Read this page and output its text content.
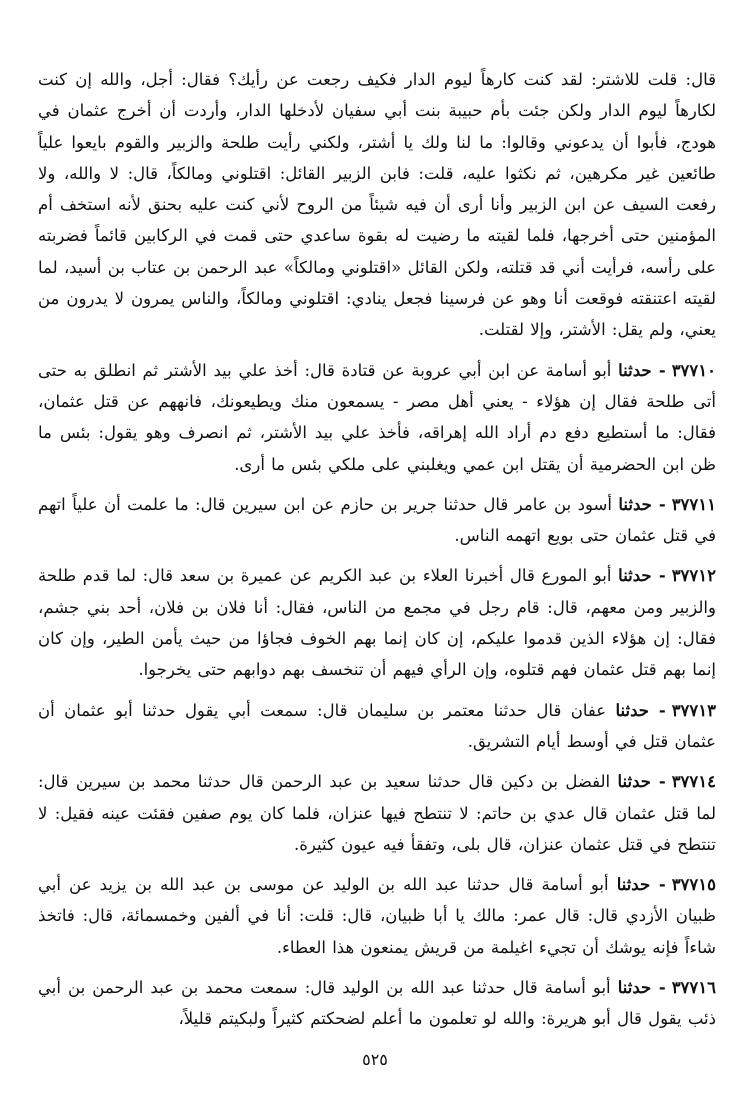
قال: قلت للاشتر: لقد كنت كارهاً ليوم الدار فكيف رجعت عن رأيك؟ فقال: أجل، والله إن كنت لكارهاً ليوم الدار ولكن جئت بأم حبيبة بنت أبي سفيان لأدخلها الدار، وأردت أن أخرج عثمان في هودج، فأبوا أن يدعوني وقالوا: ما لنا ولك يا أشتر، ولكني رأيت طلحة والزبير والقوم بايعوا علياً طائعين غير مكرهين، ثم نكثوا عليه، قلت: فابن الزبير القائل: اقتلوني ومالكاً، قال: لا والله، ولا رفعت السيف عن ابن الزبير وأنا أرى أن فيه شيئاً من الروح لأني كنت عليه بحنق لأنه استخف أم المؤمنين حتى أخرجها، فلما لقيته ما رضيت له بقوة ساعدي حتى قمت في الركابين قائماً فضربته على رأسه، فرأيت أني قد قتلته، ولكن القائل «اقتلوني ومالكاً» عبد الرحمن بن عتاب بن أسيد، لما لقيته اعتنقته فوقعت أنا وهو عن فرسينا فجعل ينادي: اقتلوني ومالكاً، والناس يمرون لا يدرون من يعني، ولم يقل: الأشتر، وإلا لقتلت.

٣٧٧١٠- حدثنا أبو أسامة عن ابن أبي عروبة عن قتادة قال: أخذ علي بيد الأشتر ثم انطلق به حتى أتى طلحة فقال إن هؤلاء - يعني أهل مصر - يسمعون منك ويطيعونك، فانههم عن قتل عثمان، فقال: ما أستطيع دفع دم أراد الله إهراقه، فأخذ علي بيد الأشتر، ثم انصرف وهو يقول: بئس ما ظن ابن الحضرمية أن يقتل ابن عمي ويغلبني على ملكي بئس ما أرى.

٣٧٧١١- حدثنا أسود بن عامر قال حدثنا جرير بن حازم عن ابن سيرين قال: ما علمت أن علياً اتهم في قتل عثمان حتى بويع اتهمه الناس.

٣٧٧١٢- حدثنا أبو المورع قال أخبرنا العلاء بن عبد الكريم عن عميرة بن سعد قال: لما قدم طلحة والزبير ومن معهم، قال: قام رجل في مجمع من الناس، فقال: أنا فلان بن فلان، أحد بني جشم، فقال: إن هؤلاء الذين قدموا عليكم، إن كان إنما بهم الخوف فجاؤا من حيث يأمن الطير، وإن كان إنما بهم قتل عثمان فهم قتلوه، وإن الرأي فيهم أن تنخسف بهم دوابهم حتى يخرجوا.

٣٧٧١٣- حدثنا عفان قال حدثنا معتمر بن سليمان قال: سمعت أبي يقول حدثنا أبو عثمان أن عثمان قتل في أوسط أيام التشريق.

٣٧٧١٤- حدثنا الفضل بن دكين قال حدثنا سعيد بن عبد الرحمن قال حدثنا محمد بن سيرين قال: لما قتل عثمان قال عدي بن حاتم: لا تنتطح فيها عنزان، فلما كان يوم صفين فقئت عينه فقيل: لا تنتطح في قتل عثمان عنزان، قال بلى، وتفقأ فيه عيون كثيرة.

٣٧٧١٥- حدثنا أبو أسامة قال حدثنا عبد الله بن الوليد عن موسى بن عبد الله بن يزيد عن أبي ظبيان الأزدي قال: قال عمر: مالك يا أبا ظبيان، قال: قلت: أنا في ألفين وخمسمائة، قال: فاتخذ شاءاً فإنه يوشك أن تجيء اغيلمة من قريش يمنعون هذا العطاء.

٣٧٧١٦- حدثنا أبو أسامة قال حدثنا عبد الله بن الوليد قال: سمعت محمد بن عبد الرحمن بن أبي ذئب يقول قال أبو هريرة: والله لو تعلمون ما أعلم لضحكتم كثيراً ولبكيتم قليلاً،

٥٢٥
